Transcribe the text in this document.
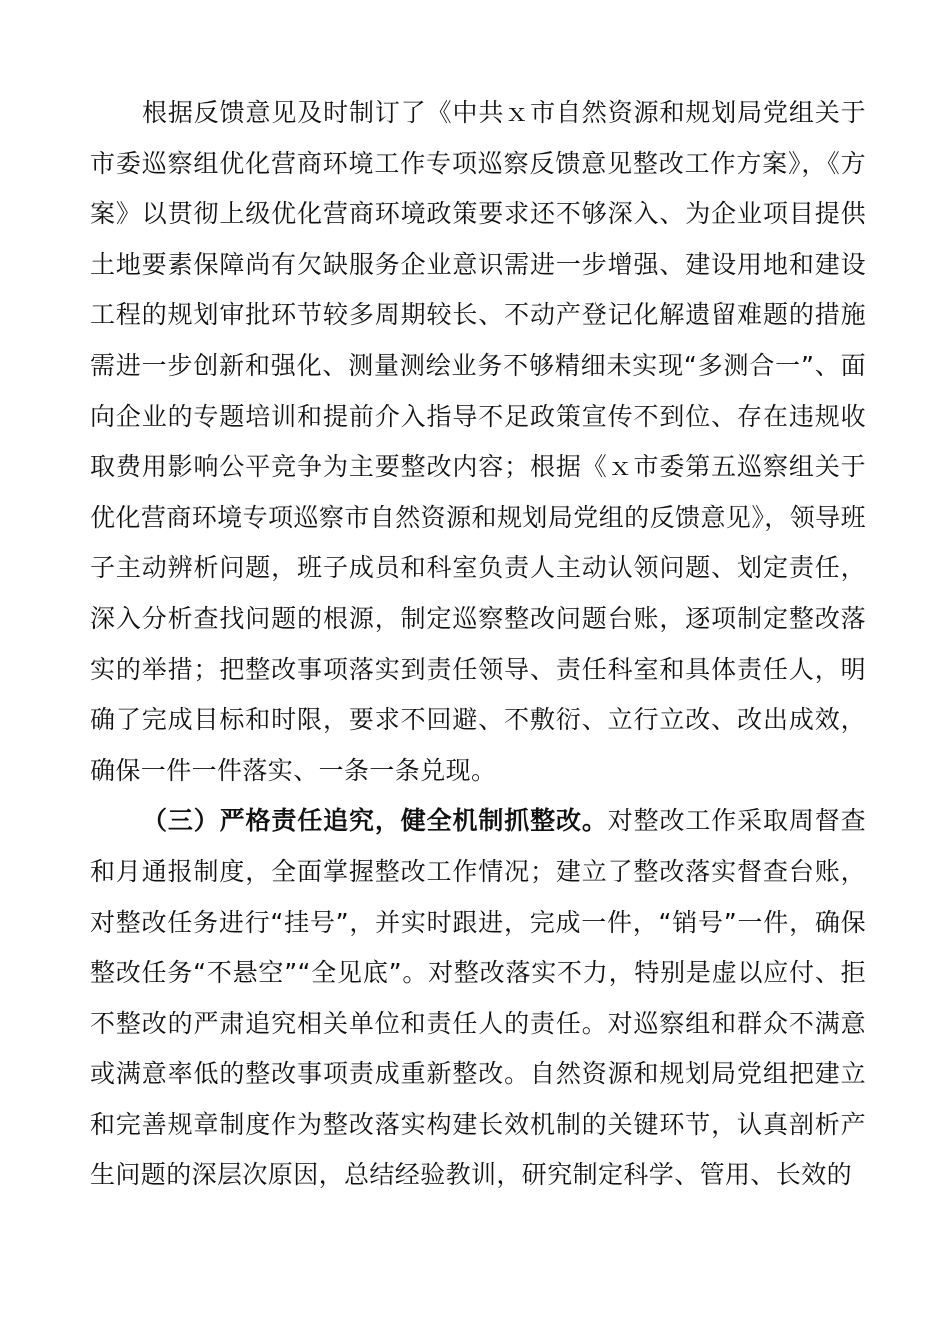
根据反馈意见及时制订了《中共ｘ市自然资源和规划局党组关于市委巡察组优化营商环境工作专项巡察反馈意见整改工作方案》，《方案》以贯彻上级优化营商环境政策要求还不够深入、为企业项目提供土地要素保障尚有欠缺服务企业意识需进一步增强、建设用地和建设工程的规划审批环节较多周期较长、不动产登记化解遗留难题的措施需进一步创新和强化、测量测绘业务不够精细未实现“多测合一”、面向企业的专题培训和提前介入指导不足政策宣传不到位、存在违规收取费用影响公平竞争为主要整改内容；根据《ｘ市委第五巡察组关于优化营商环境专项巡察市自然资源和规划局党组的反馈意见》，领导班子主动辨析问题，班子成员和科室负责人主动认领问题、划定责任，深入分析查找问题的根源，制定巡察整改问题台账，逐项制定整改落实的举措；把整改事项落实到责任领导、责任科室和具体责任人，明确了完成目标和时限，要求不回避、不敷衍、立行立改、改出成效，确保一件一件落实、一条一条兑现。

（三）严格责任追究，健全机制抓整改。对整改工作采取周督查和月通报制度，全面掌握整改工作情况；建立了整改落实督查台账，对整改任务进行“挂号”，并实时跟进，完成一件，“销号”一件，确保整改任务“不悬空”“全见底”。对整改落实不力，特别是虚以应付、拒不整改的严肃追究相关单位和责任人的责任。对巡察组和群众不满意或满意率低的整改事项责成重新整改。自然资源和规划局党组把建立和完善规章制度作为整改落实构建长效机制的关键环节，认真剖析产生问题的深层次原因，总结经验教训，研究制定科学、管用、长效的
